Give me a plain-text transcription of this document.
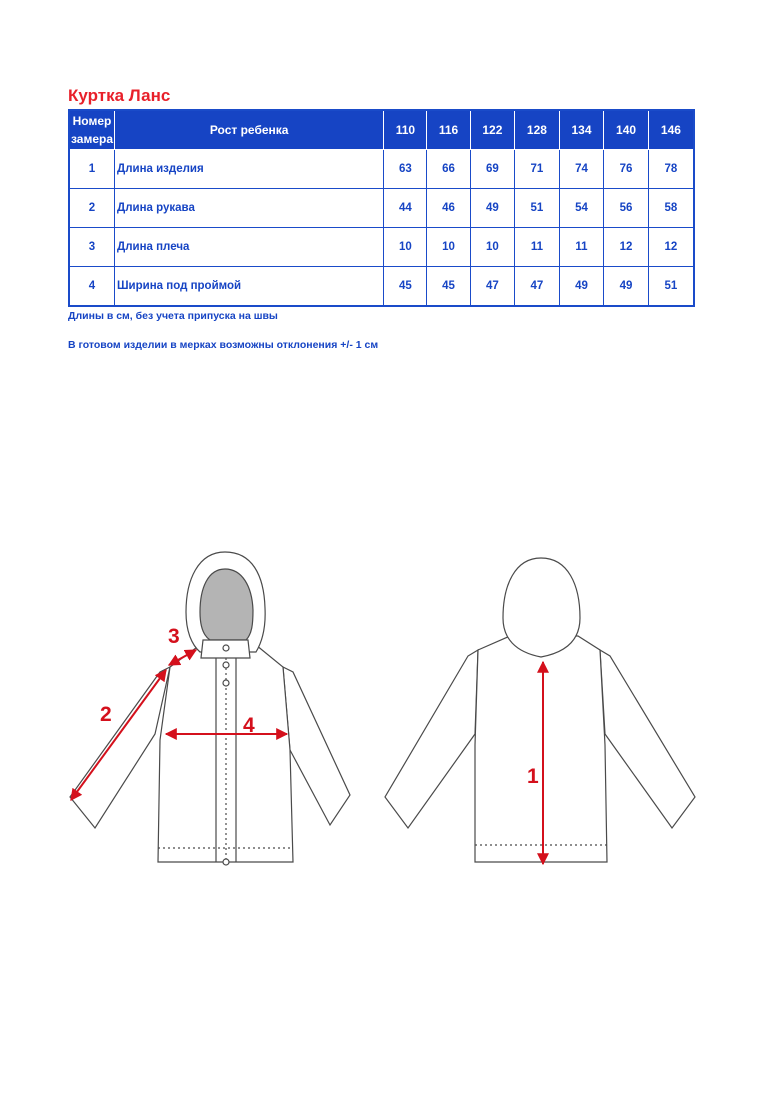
Куртка Ланс
Номер замера	Рост ребенка	110	116	122	128	134	140	146
1	Длина изделия	63	66	69	71	74	76	78
2	Длина рукава	44	46	49	51	54	56	58
3	Длина плеча	10	10	10	11	11	12	12
4	Ширина под проймой	45	45	47	47	49	49	51
Длины в см, без учета припуска на швы
В готовом изделии в мерках возможны отклонения +/- 1 см
3
2	4
1
